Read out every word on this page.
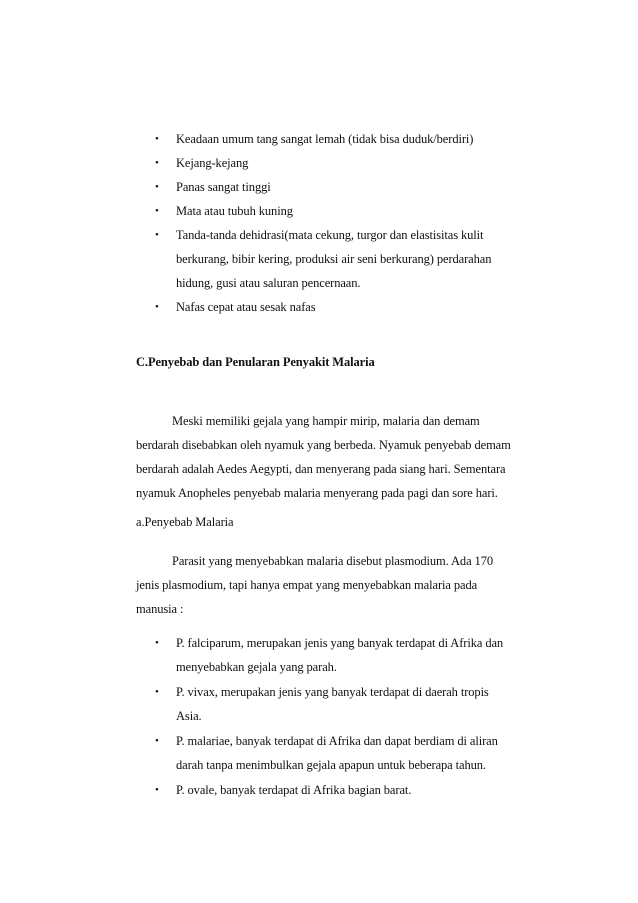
• Keadaan umum tang sangat lemah (tidak bisa duduk/berdiri)
• Kejang-kejang
• Panas sangat tinggi
• Mata atau tubuh kuning
• Tanda-tanda dehidrasi(mata cekung, turgor dan elastisitas kulit
berkurang, bibir kering, produksi air seni berkurang) perdarahan
hidung, gusi atau saluran pencernaan.
• Nafas cepat atau sesak nafas
C.Penyebab dan Penularan Penyakit Malaria
Meski memiliki gejala yang hampir mirip, malaria dan demam
berdarah disebabkan oleh nyamuk yang berbeda. Nyamuk penyebab demam
berdarah adalah Aedes Aegypti, dan menyerang pada siang hari. Sementara
nyamuk Anopheles penyebab malaria menyerang pada pagi dan sore hari.
a.Penyebab Malaria
Parasit yang menyebabkan malaria disebut plasmodium. Ada 170
jenis plasmodium, tapi hanya empat yang menyebabkan malaria pada
manusia :
• P. falciparum, merupakan jenis yang banyak terdapat di Afrika dan
menyebabkan gejala yang parah.
• P. vivax, merupakan jenis yang banyak terdapat di daerah tropis
Asia.
• P. malariae, banyak terdapat di Afrika dan dapat berdiam di aliran
darah tanpa menimbulkan gejala apapun untuk beberapa tahun.
• P. ovale, banyak terdapat di Afrika bagian barat.
